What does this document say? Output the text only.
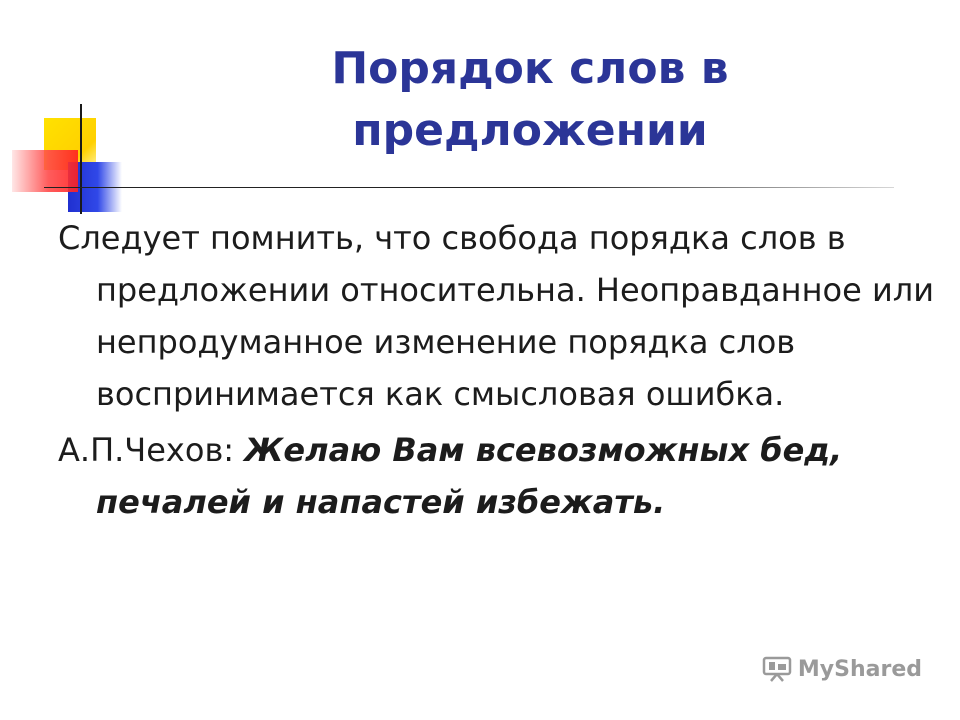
Порядок слов в предложении

Следует помнить, что свобода порядка слов в предложении относительна. Неоправданное или непродуманное изменение порядка слов воспринимается как смысловая ошибка.

А.П.Чехов: Желаю Вам всевозможных бед, печалей и напастей избежать.

MyShared
